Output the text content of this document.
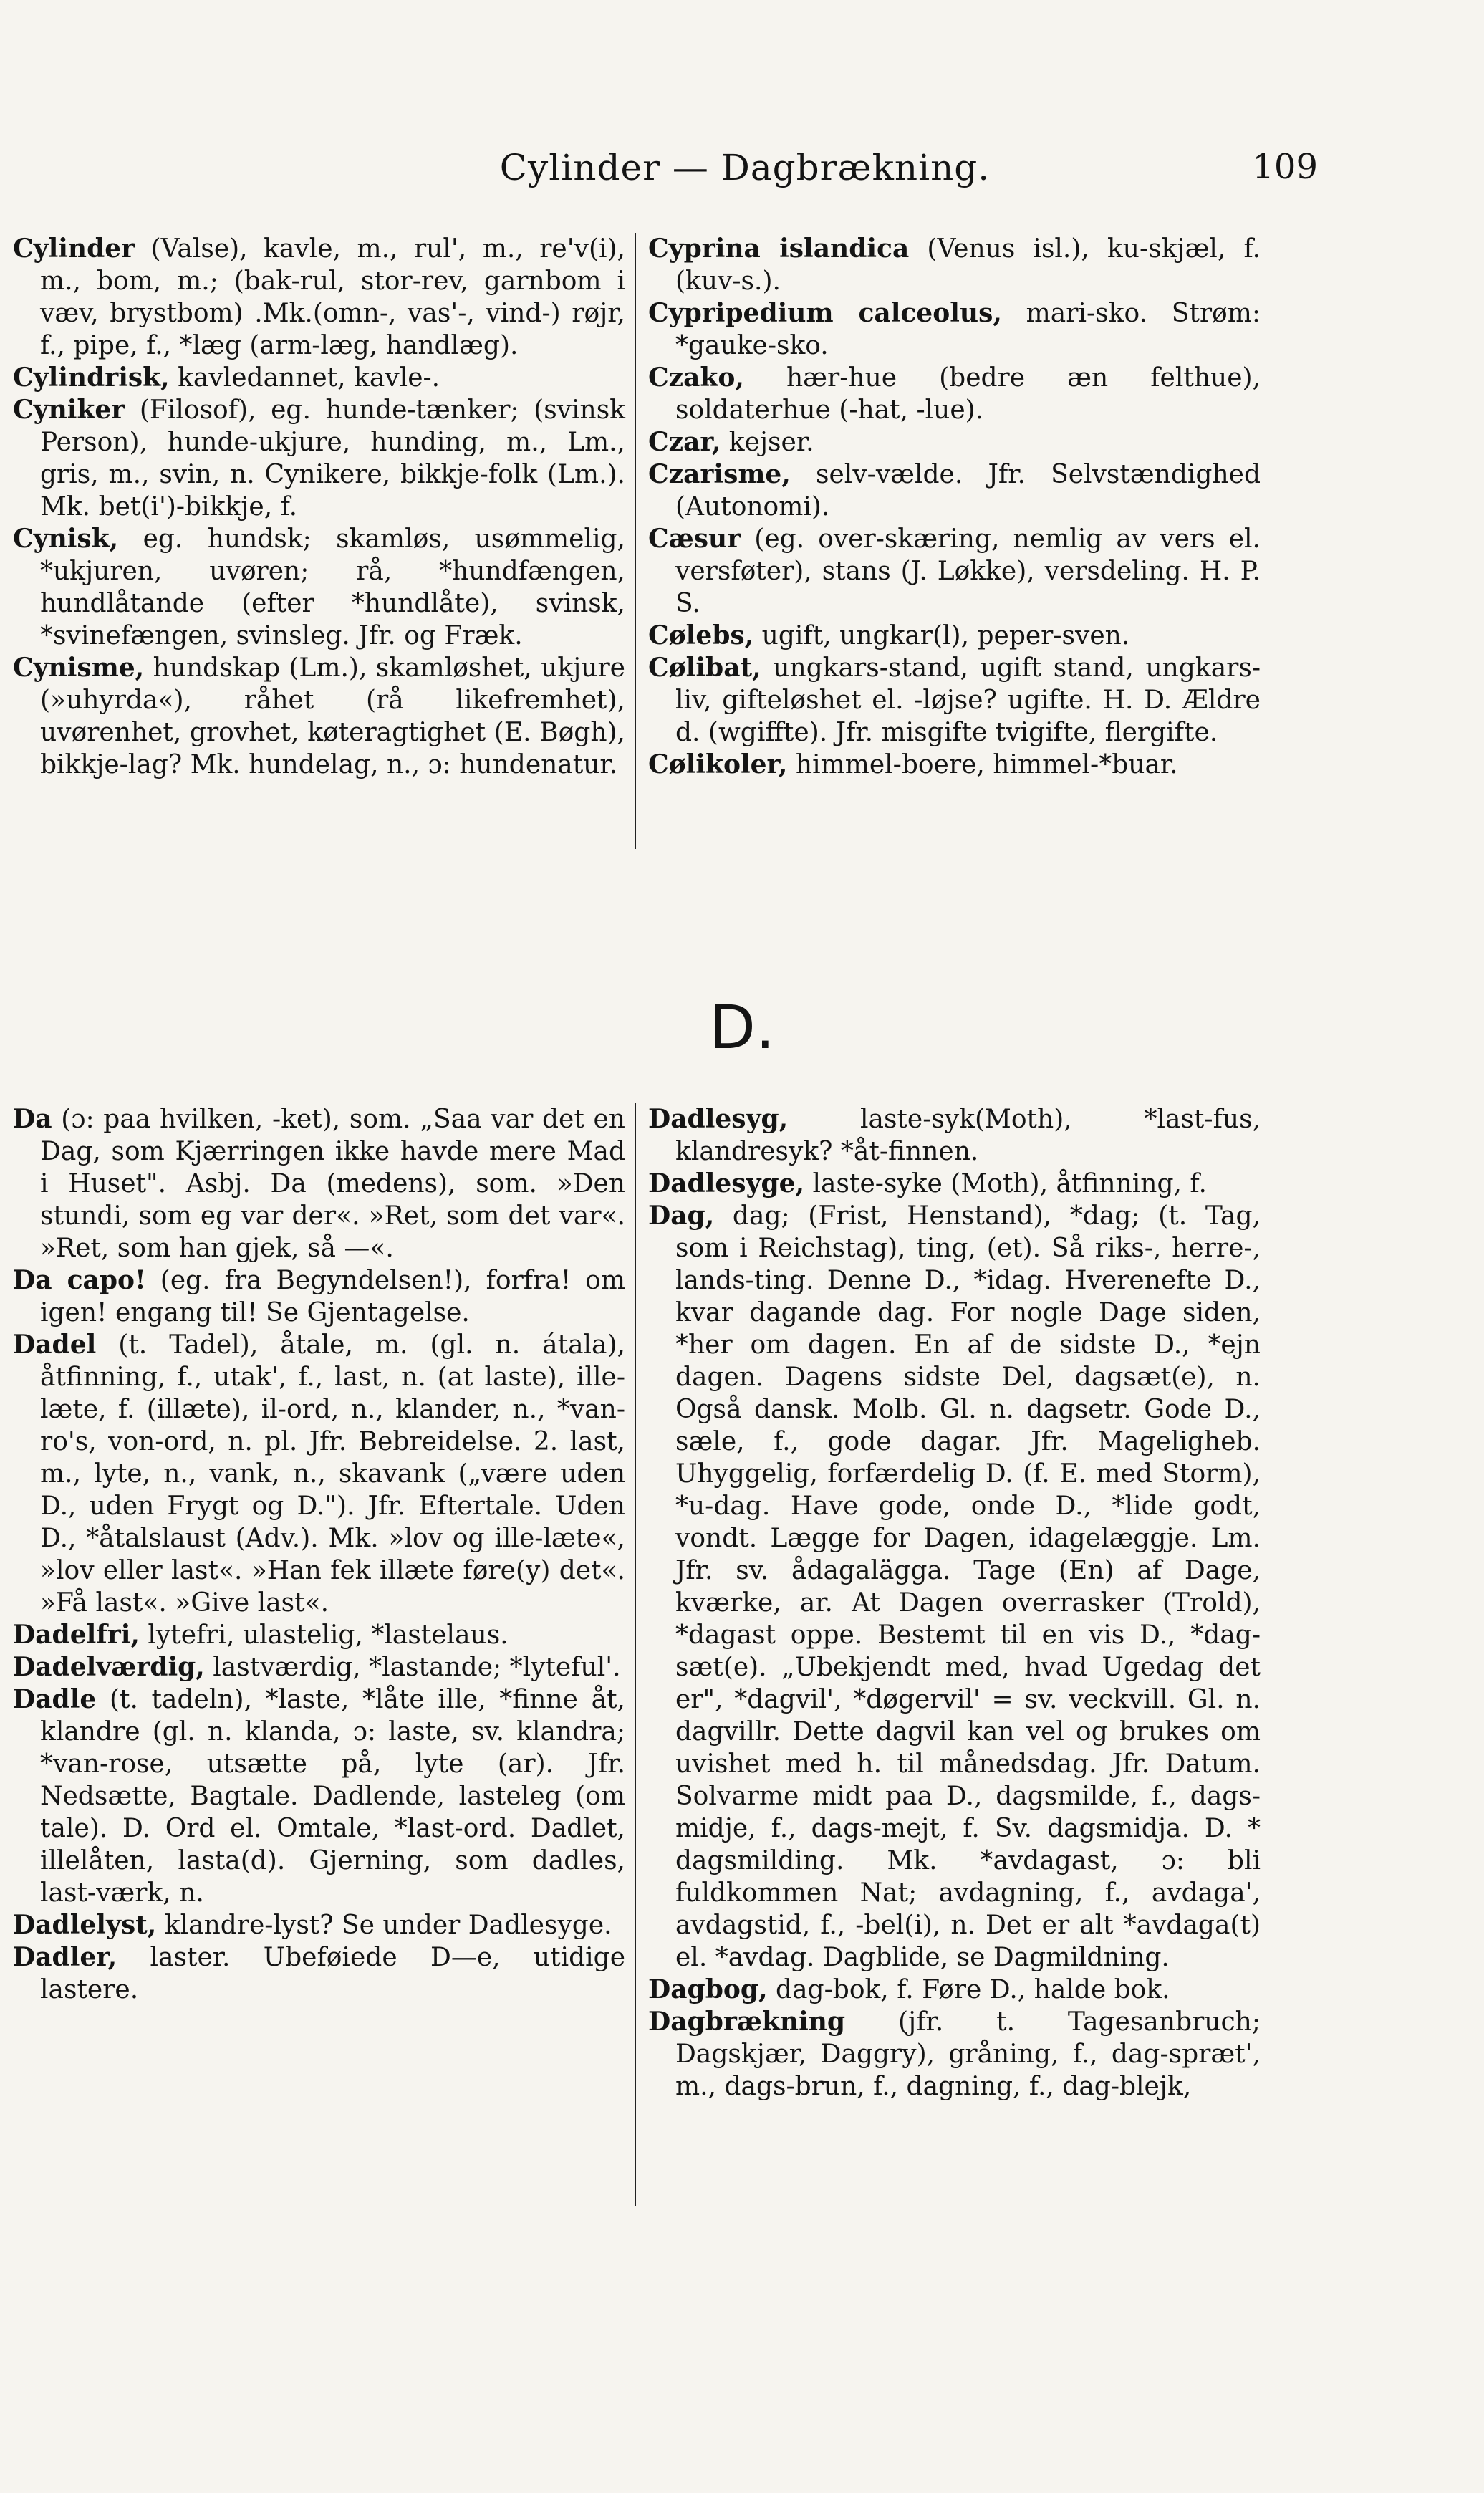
Cylinder — Dagbrækning.	109

Cylinder (Valse), kavle, m., rul', m., re'v(i), m., bom, m.; (bak-rul, stor-rev, garnbom i væv, brystbom) .Mk.(omn-, vas'-, vind-) røjr, f., pipe, f., *læg (arm-læg, handlæg).

Cylindrisk, kavledannet, kavle-.

Cyniker (Filosof), eg. hunde-tænker; (svinsk Person), hunde-ukjure, hunding, m., Lm., gris, m., svin, n. Cynikere, bikkje-folk (Lm.). Mk. bet(i')-bikkje, f.

Cynisk, eg. hundsk; skamløs, usømmelig, *ukjuren, uvøren; rå, *hundfængen, hundlåtande (efter *hundlåte), svinsk, *svinefængen, svinsleg. Jfr. og Fræk.

Cynisme, hundskap (Lm.), skamløshet, ukjure (»uhyrda«), råhet (rå likefremhet), uvørenhet, grovhet, køteragtighet (E. Bøgh), bikkje-lag? Mk. hundelag, n., ɔ: hundenatur.

Cyprina islandica (Venus isl.), ku-skjæl, f. (kuv-s.).

Cypripedium calceolus, mari-sko. Strøm: *gauke-sko.

Czako, hær-hue (bedre æn felthue), soldaterhue (-hat, -lue).

Czar, kejser.

Czarisme, selv-vælde. Jfr. Selvstændighed (Autonomi).

Cæsur (eg. over-skæring, nemlig av vers el. versføter), stans (J. Løkke), versdeling. H. P. S.

Cølebs, ugift, ungkar(l), peper-sven.

Cølibat, ungkars-stand, ugift stand, ungkars-liv, gifteløshet el. -løjse? ugifte. H. D. Ældre d. (wgiffte). Jfr. misgifte tvigifte, flergifte.

Cølikoler, himmel-boere, himmel-*buar.

D.

Da (ɔ: paa hvilken, -ket), som. „Saa var det en Dag, som Kjærringen ikke havde mere Mad i Huset". Asbj. Da (medens), som. »Den stundi, som eg var der«. »Ret, som det var«. »Ret, som han gjek, så —«.

Da capo! (eg. fra Begyndelsen!), forfra! om igen! engang til! Se Gjentagelse.

Dadel (t. Tadel), åtale, m. (gl. n. átala), åtfinning, f., utak', f., last, n. (at laste), ille-læte, f. (illæte), il-ord, n., klander, n., *van-ro's, von-ord, n. pl. Jfr. Bebreidelse. 2. last, m., lyte, n., vank, n., skavank („være uden D., uden Frygt og D."). Jfr. Eftertale. Uden D., *åtalslaust (Adv.). Mk. »lov og ille-læte«, »lov eller last«. »Han fek illæte føre(y) det«. »Få last«. »Give last«.

Dadelfri, lytefri, ulastelig, *lastelaus.

Dadelværdig, lastværdig, *lastande; *lyteful'.

Dadle (t. tadeln), *laste, *låte ille, *finne åt, klandre (gl. n. klanda, ɔ: laste, sv. klandra; *van-rose, utsætte på, lyte (ar). Jfr. Nedsætte, Bagtale. Dadlende, lasteleg (om tale). D. Ord el. Omtale, *last-ord. Dadlet, illelåten, lasta(d). Gjerning, som dadles, last-værk, n.

Dadlelyst, klandre-lyst? Se under Dadlesyge.

Dadler, laster. Ubeføiede D—e, utidige lastere.

Dadlesyg, laste-syk(Moth), *last-fus, klandresyk? *åt-finnen.

Dadlesyge, laste-syke (Moth), åtfinning, f.

Dag, dag; (Frist, Henstand), *dag; (t. Tag, som i Reichstag), ting, (et). Så riks-, herre-, lands-ting. Denne D., *idag. Hverenefte D., kvar dagande dag. For nogle Dage siden, *her om dagen. En af de sidste D., *ejn dagen. Dagens sidste Del, dagsæt(e), n. Også dansk. Molb. Gl. n. dagsetr. Gode D., sæle, f., gode dagar. Jfr. Mageligheb. Uhyggelig, forfærdelig D. (f. E. med Storm), *u-dag. Have gode, onde D., *lide godt, vondt. Lægge for Dagen, idagelæggje. Lm. Jfr. sv. ådagalägga. Tage (En) af Dage, kværke, ar. At Dagen overrasker (Trold), *dagast oppe. Bestemt til en vis D., *dag-sæt(e). „Ubekjendt med, hvad Ugedag det er", *dagvil', *døgervil' = sv. veckvill. Gl. n. dagvillr. Dette dagvil kan vel og brukes om uvishet med h. til månedsdag. Jfr. Datum. Solvarme midt paa D., dagsmilde, f., dags-midje, f., dags-mejt, f. Sv. dagsmidja. D. * dagsmilding. Mk. *avdagast, ɔ: bli fuldkommen Nat; avdagning, f., avdaga', avdagstid, f., -bel(i), n. Det er alt *avdaga(t) el. *avdag. Dagblide, se Dagmildning.

Dagbog, dag-bok, f. Føre D., halde bok.

Dagbrækning (jfr. t. Tagesanbruch; Dagskjær, Daggry), gråning, f., dag-spræt', m., dags-brun, f., dagning, f., dag-blejk,
